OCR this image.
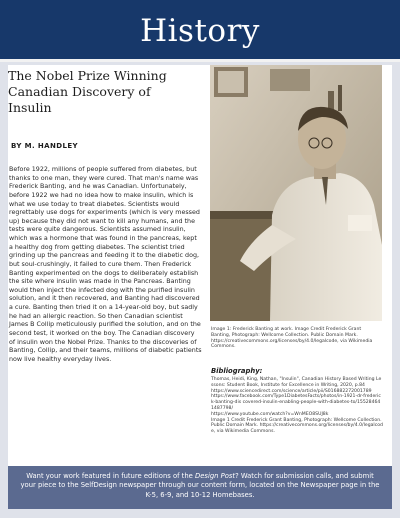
History
The Nobel Prize Winning Canadian Discovery of Insulin
BY M. HANDLEY

Before 1922, millions of people suffered from diabetes, but thanks to one man, they were cured. That man's name was Frederick Banting, and he was Canadian. Unfortunately, before 1922 we had no idea how to make insulin, which is what we use today to treat diabetes. Scientists would regrettably use dogs for experiments (which is very messed up) because they did not want to kill any humans, and the tests were quite dangerous. Scientists assumed insulin, which was a hormone that was found in the pancreas, kept a healthy dog from getting diabetes. The scientist tried grinding up the pancreas and feeding it to the diabetic dog, but soul-crushingly, it failed to cure them. Then Frederick Banting experimented on the dogs to deliberately establish the site where insulin was made in the Pancreas. Banting would then inject the infected dog with the purified insulin solution, and it then recovered, and Banting had discovered a cure. Banting then tried it on a 14-year-old boy, but sadly he had an allergic reaction. So then Canadian scientist James B Collip meticulously purified the solution, and on the second test, it worked on the boy. The Canadian discovery of insulin won the Nobel Prize. Thanks to the discoveries of Banting, Collip, and their teams, millions of diabetic patients now live healthy everyday lives.

Image 1: Frederick Banting at work. Image Credit Frederick Grant Banting, Photograph: Wellcome Collection. Public Domain Mark. https://creativecommons.org/licenses/by/4.0/legalcode, via Wikimedia Commons.
Bibliography:
Thomas, Heidi, King, Nathan, "Insulin", Canadian History Based Writing Lessons: Student Book, Institute for Excellence in Writing, 2020, p.84
https://www.sciencedirect.com/science/article/pii/S016882272001789
https://www.facebook.com/Type1DiabetesFacts/photos/in-1921-dr-frederick-banting-dis covered-insulin-enabling-people-with-diabetes-to/155284641487798/
https://www.youtube.com/watch?v=WnMEO8SUJ8k
Image 1 Credit Frederick Grant Banting, Photograph: Wellcome Collection. Public Domain Mark. https://creativecommons.org/licenses/by/4.0/legalcode, via Wikimedia Commons.

Want your work featured in future editions of the Design Post? Watch for submission calls, and submit your piece to the SelfDesign newspaper through our content form, located on the Newspaper page in the K-5, 6-9, and 10-12 Homebases.
